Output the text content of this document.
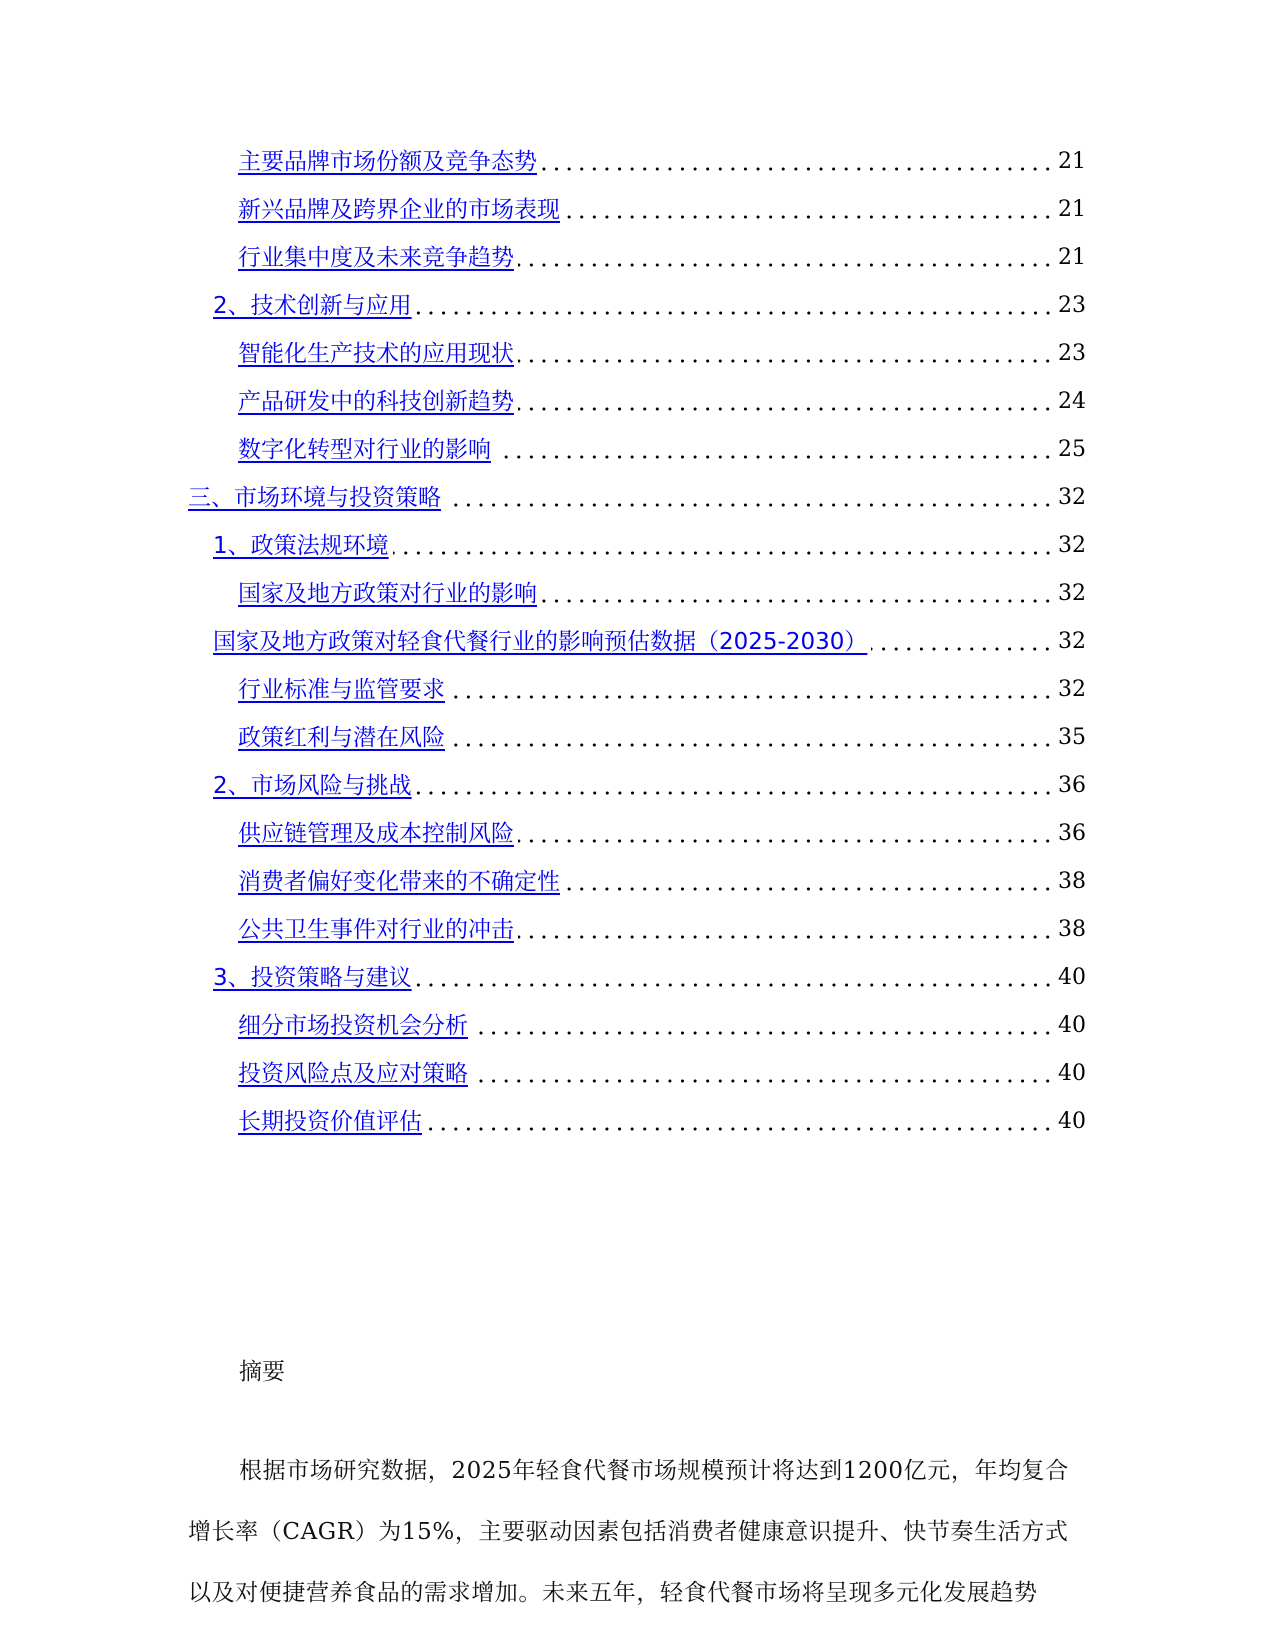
主要品牌市场份额及竞争态势	21
新兴品牌及跨界企业的市场表现	21
行业集中度及未来竞争趋势	21
2、技术创新与应用	23
智能化生产技术的应用现状	23
产品研发中的科技创新趋势	24
数字化转型对行业的影响	25
三、市场环境与投资策略	32
1、政策法规环境	32
国家及地方政策对行业的影响	32
国家及地方政策对轻食代餐行业的影响预估数据（2025-2030）	32
行业标准与监管要求	32
政策红利与潜在风险	35
2、市场风险与挑战	36
供应链管理及成本控制风险	36
消费者偏好变化带来的不确定性	38
公共卫生事件对行业的冲击	38
3、投资策略与建议	40
细分市场投资机会分析	40
投资风险点及应对策略	40
长期投资价值评估	40
摘要
根据市场研究数据，2025年轻食代餐市场规模预计将达到1200亿元，年均复合
增长率（CAGR）为15%，主要驱动因素包括消费者健康意识提升、快节奏生活方式
以及对便捷营养食品的需求增加。未来五年，轻食代餐市场将呈现多元化发展趋势
